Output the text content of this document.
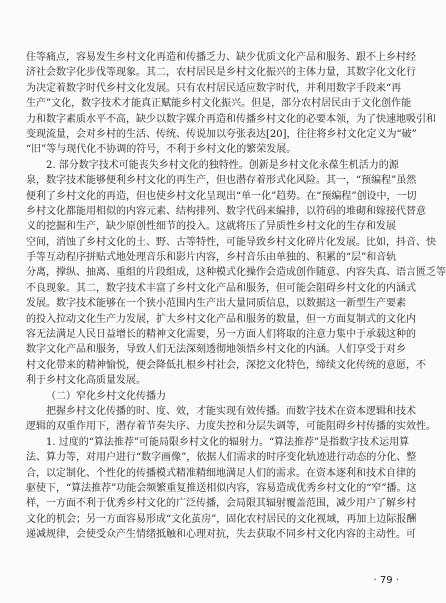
住等痛点，容易发生乡村文化再造和传播乏力、缺少优质文化产品和服务、跟不上乡村经
济社会数字化步伐等现象。其二，农村居民是乡村文化振兴的主体力量，其数字化文化行
为决定着数字时代乡村文化发展。只有农村居民适应数字时代，并利用数字手段来“再
生产”文化，数字技术才能真正赋能乡村文化振兴。但是，部分农村居民由于文化创作能
力和数字素质水平不高，缺少以数字媒介再造和传播乡村文化的必要本领，为了快速地吸引和
变现流量，会对乡村的生活、传统、传说加以夸张表达[20]，往往将乡村文化定义为“破”
“旧”等与现代化不协调的符号，不利于乡村文化的繁荣发展。
2. 部分数字技术可能丧失乡村文化的独特性。创新是乡村文化永葆生机活力的源
泉，数字技术能够便利乡村文化的再生产，但也潜存着形式化风险。其一，“预编程”虽然
便利了乡村文化的再造，但也使乡村文化呈现出“单一化”趋势。在“预编程”创设中，一切
乡村文化都能用相似的内容元素、结构排列、数字代码来编排，以符码的堆砌和嫁接代替意
义的挖掘和生产，缺少原创性细节的投入。这就将压了异质性乡村文化的生存和发展
空间，消蚀了乡村文化的土、野、古等特性，可能导致乡村文化碎片化发展。比如，抖音、快
手等互动程序拼贴式地处理音乐和影片内容，乡村音乐由单独的、积累的“层”和音轨
分离，撑纵、抽离、重组的片段组成，这种模式化操作会造成创作随意、内容失真、语言匮乏等
不良现象。其二，数字技术丰富了乡村文化产品和服务，但可能会阻碍乡村文化的内涵式
发展。数字技术能够在一个狭小范围内生产出大量同质信息，以数据这一新型生产要素
的投入拉动文化生产力发展，扩大乡村文化产品和服务的数量，但一方面复制式的文化内
容无法满足人民日益增长的精神文化需要，另一方面人们将取的注意力集中于承载这种的
数字文化产品和服务，导致人们无法深刻透彻地领悟乡村文化的内涵。人们享受于对乡
村文化带来的精神愉悦，便会降低扎根乡村社会，深挖文化特色，缔续文化传统的意愿，不
利于乡村文化高质量发展。
（二）窄化乡村文化传播力
把握乡村文化传播的时、度、效，才能实现有效传播。而数字技术在资本逻辑和技术
逻辑的双重作用下，潜存着节奏失序、力度失控和分层失调等，可能阻碍乡村传播的实效性。
1. 过度的“算法推荐”可能局限乡村文化的辐射力。“算法推荐”是指数字技术运用算
法、算力等，对用户进行“数字画像”，依据人们需求的时序变化轨迹进行动态的分化、整
合，以定制化、个性化的传播模式精准精细地满足人们的需求。在资本逐利和技术自律的
驱使下，“算法推荐”功能会频繁重复推送相似内容，容易造成优秀乡村文化的“窄”播。这
样，一方面不利于优秀乡村文化的广泛传播，会局限其辐射覆盖范围，减少用户了解乡村
文化的机会；另一方面容易形成“文化茧房”，固化农村居民的文化视域，再加上边际报酬
递减规律，会使受众产生情绪抵触和心理对抗，失去获取不同乡村文化内容的主动性。可
· 79 ·
